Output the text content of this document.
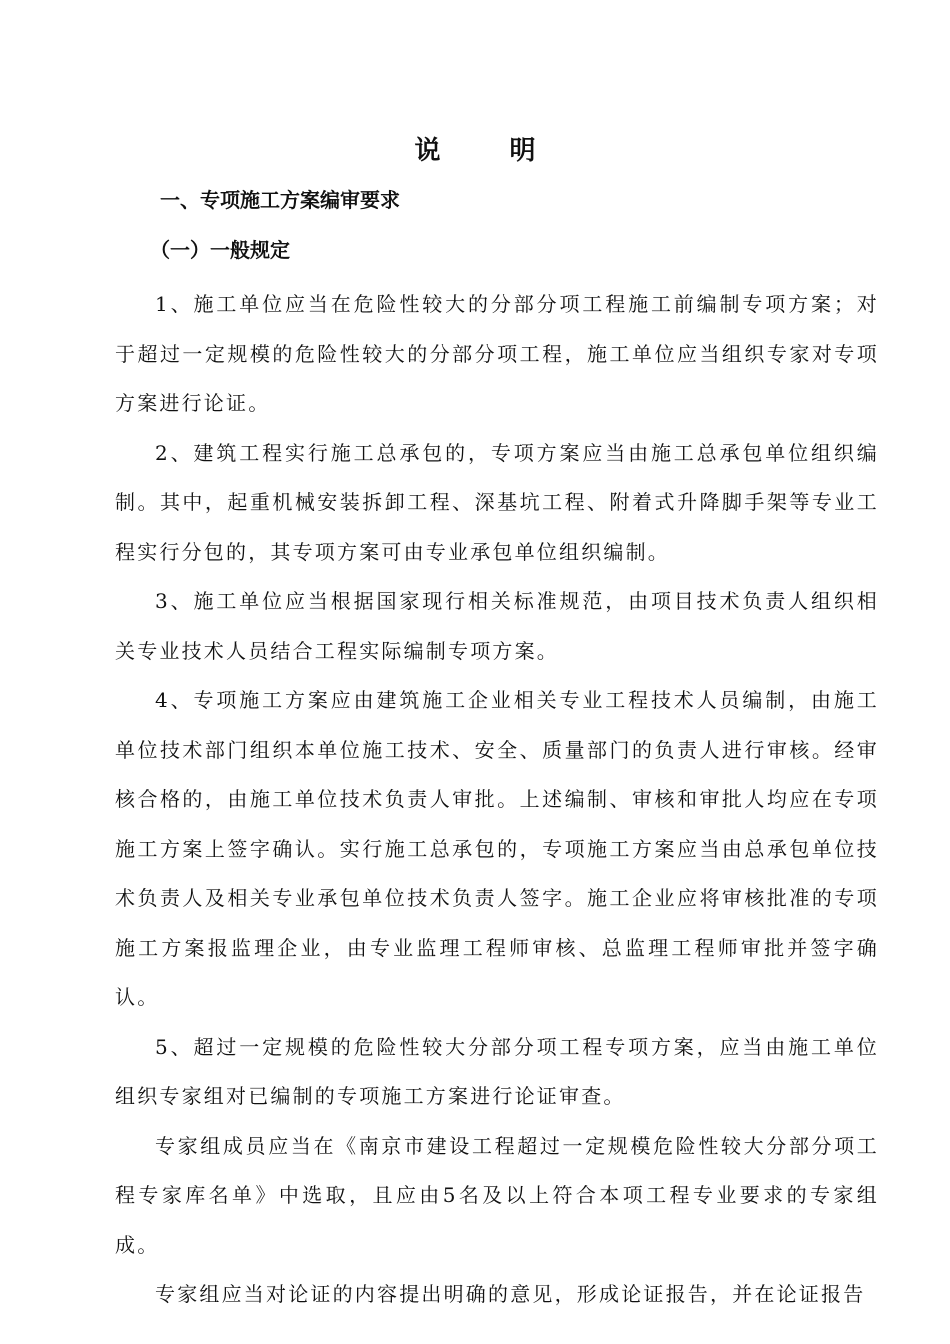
说 明
一、专项施工方案编审要求
（一）一般规定

1、施工单位应当在危险性较大的分部分项工程施工前编制专项方案；对于超过一定规模的危险性较大的分部分项工程，施工单位应当组织专家对专项方案进行论证。

2、建筑工程实行施工总承包的，专项方案应当由施工总承包单位组织编制。其中，起重机械安装拆卸工程、深基坑工程、附着式升降脚手架等专业工程实行分包的，其专项方案可由专业承包单位组织编制。

3、施工单位应当根据国家现行相关标准规范，由项目技术负责人组织相关专业技术人员结合工程实际编制专项方案。

4、专项施工方案应由建筑施工企业相关专业工程技术人员编制，由施工单位技术部门组织本单位施工技术、安全、质量部门的负责人进行审核。经审核合格的，由施工单位技术负责人审批。上述编制、审核和审批人均应在专项施工方案上签字确认。实行施工总承包的，专项施工方案应当由总承包单位技术负责人及相关专业承包单位技术负责人签字。施工企业应将审核批准的专项施工方案报监理企业，由专业监理工程师审核、总监理工程师审批并签字确认。

5、超过一定规模的危险性较大分部分项工程专项方案，应当由施工单位组织专家组对已编制的专项施工方案进行论证审查。

专家组成员应当在《南京市建设工程超过一定规模危险性较大分部分项工程专家库名单》中选取，且应由5名及以上符合本项工程专业要求的专家组成。

专家组应当对论证的内容提出明确的意见，形成论证报告，并在论证报告
